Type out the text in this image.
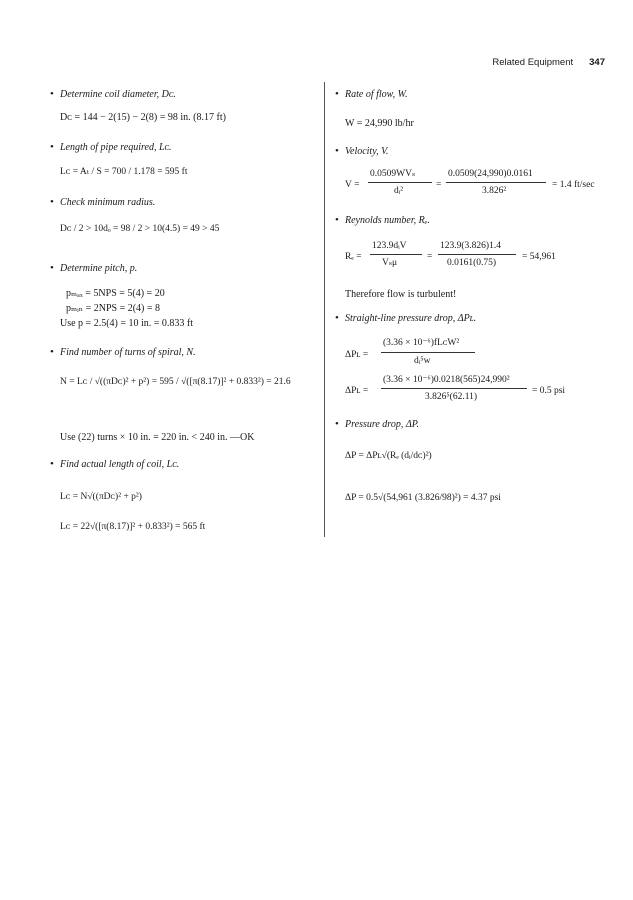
Related Equipment 347
• Determine coil diameter, Dᴄ.
Dᴄ = 144 − 2(15) − 2(8) = 98 in. (8.17 ft)
• Length of pipe required, Lᴄ.
Lᴄ = Aₜ / S = 700 / 1.178 = 595 ft
• Check minimum radius.
Dᴄ / 2 > 10dₒ = 98 / 2 > 10(4.5) = 49 > 45
• Determine pitch, p.
pₘₐₓ = 5NPS = 5(4) = 20
pₘᵢₙ = 2NPS = 2(4) = 8
Use p = 2.5(4) = 10 in. = 0.833 ft
• Find number of turns of spiral, N.
N = Lᴄ / √((πDᴄ)² + p²) = 595 / √([π(8.17)]² + 0.833²) = 21.6
Use (22) turns × 10 in. = 220 in. < 240 in. —OK
• Find actual length of coil, Lᴄ.
Lᴄ = N√((πDᴄ)² + p²)
Lᴄ = 22√([π(8.17)]² + 0.833²) = 565 ft
• Rate of flow, W.
W = 24,990 lb/hr
• Velocity, V.
V =
0.0509WVₛ
dᵢ²
=
0.0509(24,990)0.0161
3.826²
= 1.4 ft/sec
• Reynolds number, Rₑ.
Rₑ =
123.9dᵢV
Vₛμ
=
123.9(3.826)1.4
0.0161(0.75)
= 54,961
Therefore flow is turbulent!
• Straight-line pressure drop, ΔPʟ.
ΔPʟ =
(3.36 × 10⁻⁶)fLᴄW²
dᵢ⁵w
ΔPʟ =
(3.36 × 10⁻⁶)0.0218(565)24,990²
3.826⁵(62.11)
= 0.5 psi
• Pressure drop, ΔP.
ΔP = ΔPʟ√(Rₑ (dᵢ/dᴄ)²)
ΔP = 0.5√(54,961 (3.826/98)²) = 4.37 psi
